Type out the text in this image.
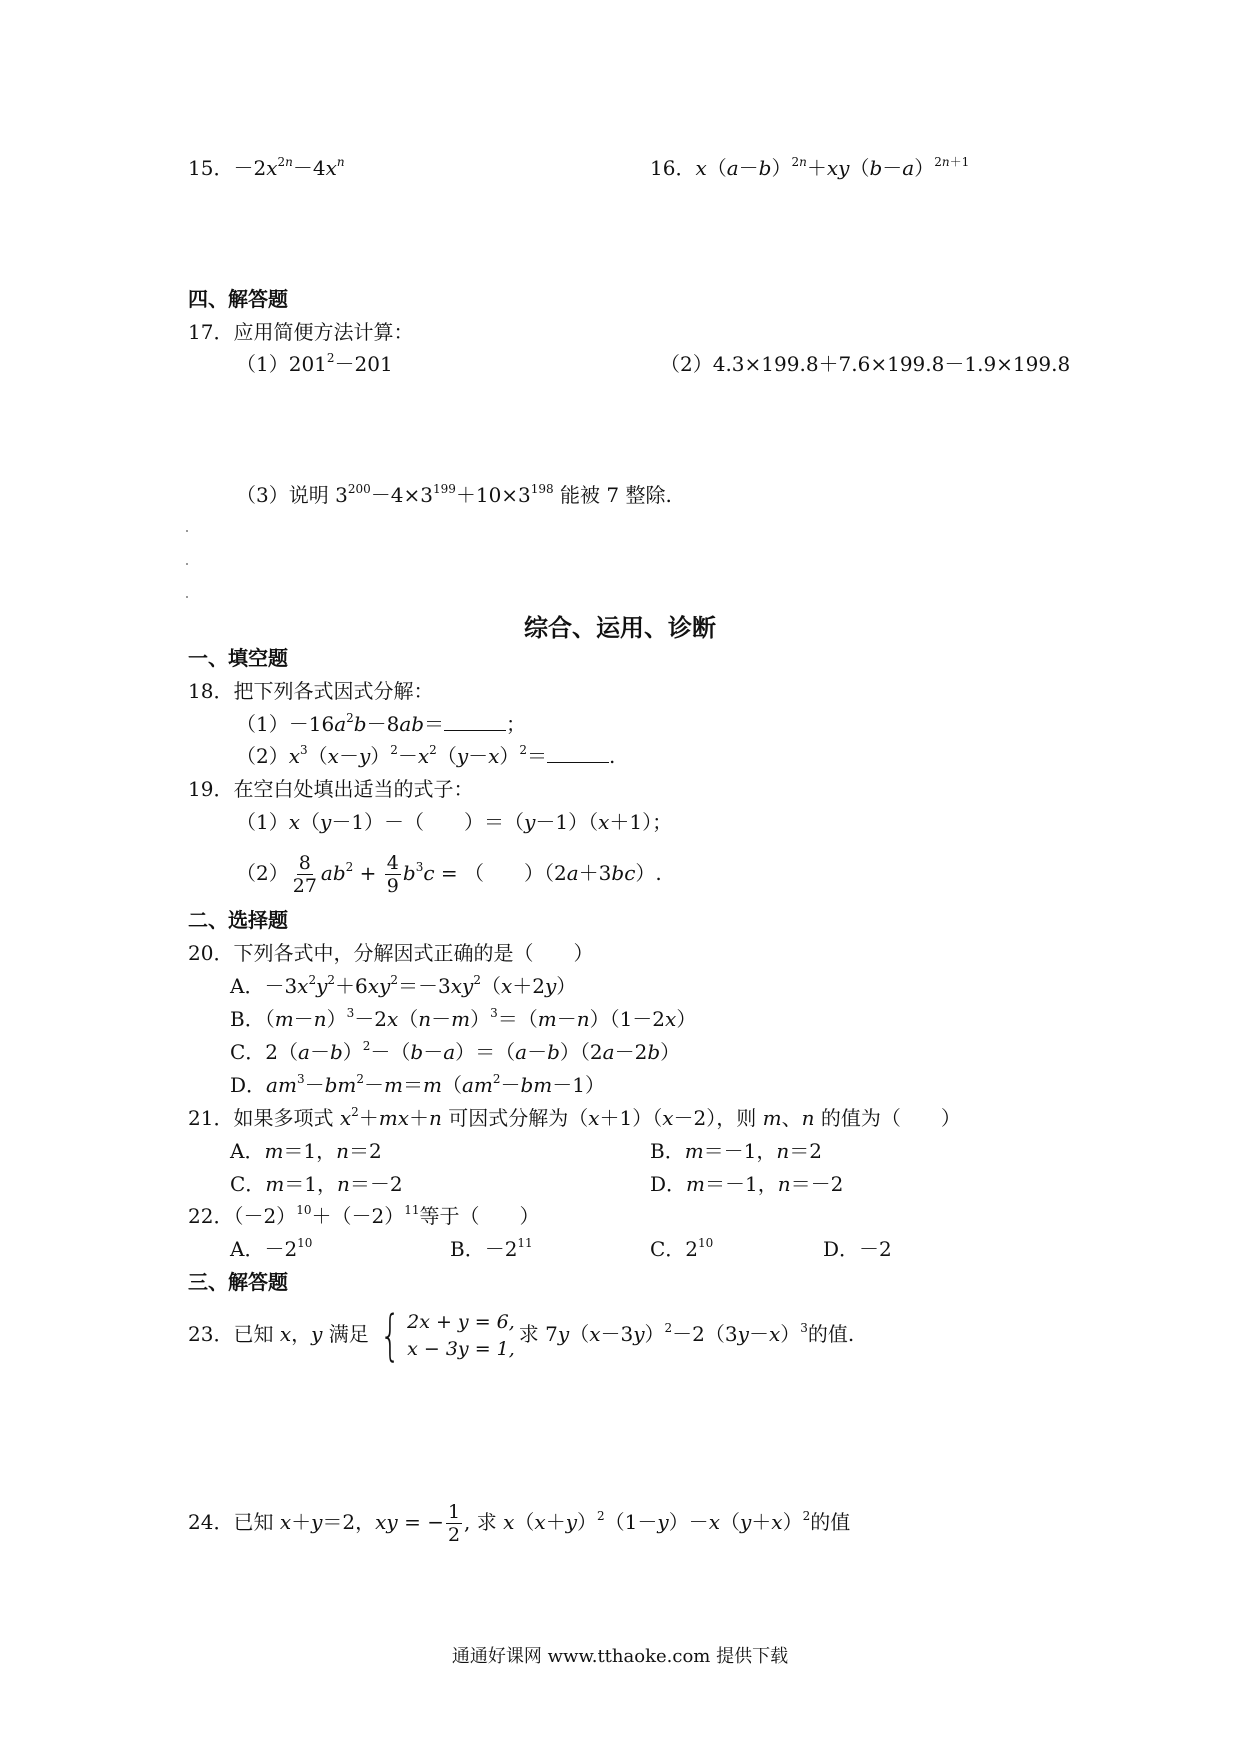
15．$-2x^{2n}-4x^n$	16．$x(a-b)^{2n}+xy(b-a)^{2n+1}$
四、解答题
17．应用简便方法计算：
$(1)201^2-201$	（2）4.3×199.8＋7.6×199.8－1.9×199.8
（3）说明 $3^{200}-4\times 3^{199}+10\times 3^{198}$ 能被 7 整除.
综合、运用、诊断
一、填空题
18．把下列各式因式分解：
$(1)-16a^2b-8ab=$	；
$(2)x^3(x-y)^2-x^2(y-x)^2=$	.
19．在空白处填出适当的式子：
（1）x（y－1）－（　　）＝（y－1）（x＋1）；
$(2) \frac{8}{27} ab^2 + \frac{4}{9} b^3c$ = （　　）（2a＋3bc）.
二、选择题
20．下列各式中，分解因式正确的是（　　）
A．$-3x^2y^2+6xy^2=-3xy^2(x+2y)$
B．$(m-n)^3-2x(n-m)^3=(m-n)(1-2x)$
C．$2(a-b)^2-(b-a)=(a-b)(2a-2b)$
D．$am^3-bm^2-m=m(am^2-bm-1)$
21．如果多项式 $x^2+mx+n$ 可因式分解为（x＋1）（x－2），则 m、n 的值为（　　）
A．m＝1，n＝2	B．m＝－1，n＝2
C．m＝1，n＝－2	D．m＝－1，n＝－2
22．$(-2)^{10}+(-2)^{11}$等于（　　）
A．$-2^{10}$	B．$-2^{11}$	C．$2^{10}$	D．－2
三、解答题
23．已知 x，y 满足 { 2x + y = 6,
x − 3y = 1,
求 $7y(x-3y)^2-2(3y-x)^3$的值.
24．已知 x＋y＝2，xy = − $\frac{1}{2}$ , 求 $x(x+y)^2(1-y)-x(y+x)^2$的值
通通好课网 www.tthaoke.com 提供下载
